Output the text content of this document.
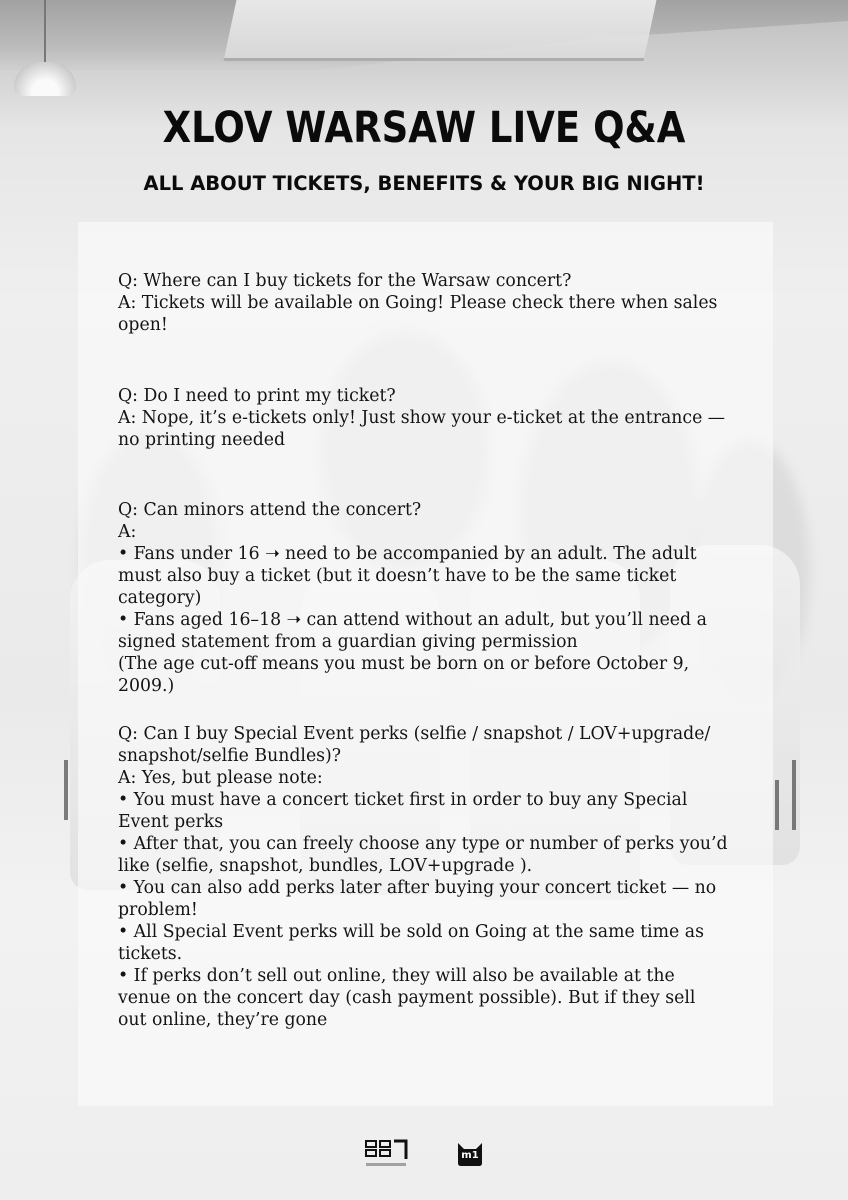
XLOV WARSAW LIVE Q&A
ALL ABOUT TICKETS, BENEFITS & YOUR BIG NIGHT!

Q: Where can I buy tickets for the Warsaw concert?

A: Tickets will be available on Going! Please check there when sales open!

Q: Do I need to print my ticket?

A: Nope, it’s e-tickets only! Just show your e-ticket at the entrance — no printing needed

Q: Can minors attend the concert?

A:

• Fans under 16 ➝ need to be accompanied by an adult. The adult must also buy a ticket (but it doesn’t have to be the same ticket category)

• Fans aged 16–18 ➝ can attend without an adult, but you’ll need a signed statement from a guardian giving permission

(The age cut-off means you must be born on or before October 9, 2009.)

Q: Can I buy Special Event perks (selfie / snapshot / LOV+upgrade/ snapshot/selfie Bundles)?

A: Yes, but please note:

• You must have a concert ticket first in order to buy any Special Event perks

• After that, you can freely choose any type or number of perks you’d like (selfie, snapshot, bundles, LOV+upgrade ).

• You can also add perks later after buying your concert ticket — no problem!

• All Special Event perks will be sold on Going at the same time as tickets.

• If perks don’t sell out online, they will also be available at the venue on the concert day (cash payment possible). But if they sell out online, they’re gone

m1
